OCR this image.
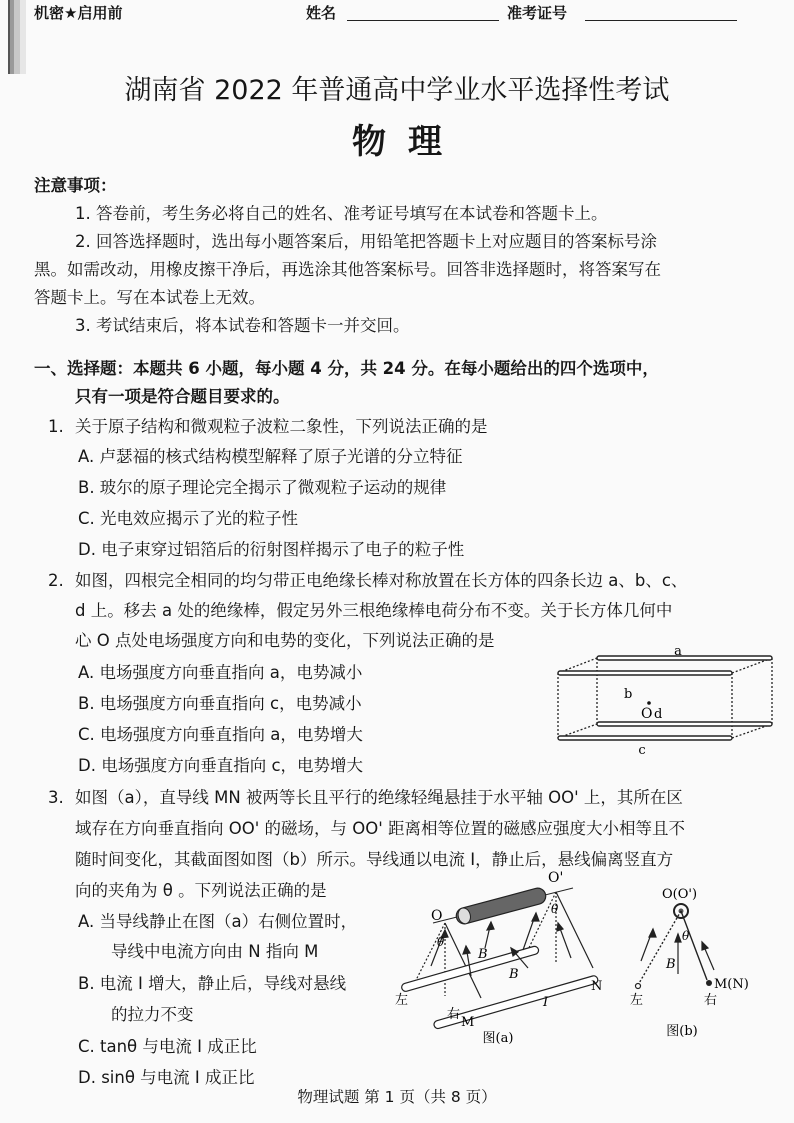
机密★启用前	姓名	准考证号
湖南省 2022 年普通高中学业水平选择性考试
物理
注意事项：
1. 答卷前，考生务必将自己的姓名、准考证号填写在本试卷和答题卡上。
2. 回答选择题时，选出每小题答案后，用铅笔把答题卡上对应题目的答案标号涂
黑。如需改动，用橡皮擦干净后，再选涂其他答案标号。回答非选择题时，将答案写在
答题卡上。写在本试卷上无效。
3. 考试结束后，将本试卷和答题卡一并交回。
一、选择题：本题共 6 小题，每小题 4 分，共 24 分。在每小题给出的四个选项中，
只有一项是符合题目要求的。
1. 关于原子结构和微观粒子波粒二象性，下列说法正确的是
A. 卢瑟福的核式结构模型解释了原子光谱的分立特征
B. 玻尔的原子理论完全揭示了微观粒子运动的规律
C. 光电效应揭示了光的粒子性
D. 电子束穿过铝箔后的衍射图样揭示了电子的粒子性
2. 如图，四根完全相同的均匀带正电绝缘长棒对称放置在长方体的四条长边 a、b、c、
d 上。移去 a 处的绝缘棒，假定另外三根绝缘棒电荷分布不变。关于长方体几何中
心 O 点处电场强度方向和电势的变化，下列说法正确的是
A. 电场强度方向垂直指向 a，电势减小
B. 电场强度方向垂直指向 c，电势减小
C. 电场强度方向垂直指向 a，电势增大
D. 电场强度方向垂直指向 c，电势增大
a
b
O d
c
3. 如图（a），直导线 MN 被两等长且平行的绝缘轻绳悬挂于水平轴 OO' 上，其所在区
域存在方向垂直指向 OO' 的磁场，与 OO' 距离相等位置的磁感应强度大小相等且不
随时间变化，其截面图如图（b）所示。导线通以电流 I，静止后，悬线偏离竖直方
向的夹角为 θ 。下列说法正确的是
A. 当导线静止在图（a）右侧位置时，
导线中电流方向由 N 指向 M
B. 电流 I 增大，静止后，导线对悬线
的拉力不变
C. tanθ 与电流 I 成正比
D. sinθ 与电流 I 成正比
O
O'
θ
θ
B
B
I
左
右
M
N
图(a)
O(O')
θ
B
M(N)
左	右
图(b)
物理试题 第 1 页（共 8 页）
